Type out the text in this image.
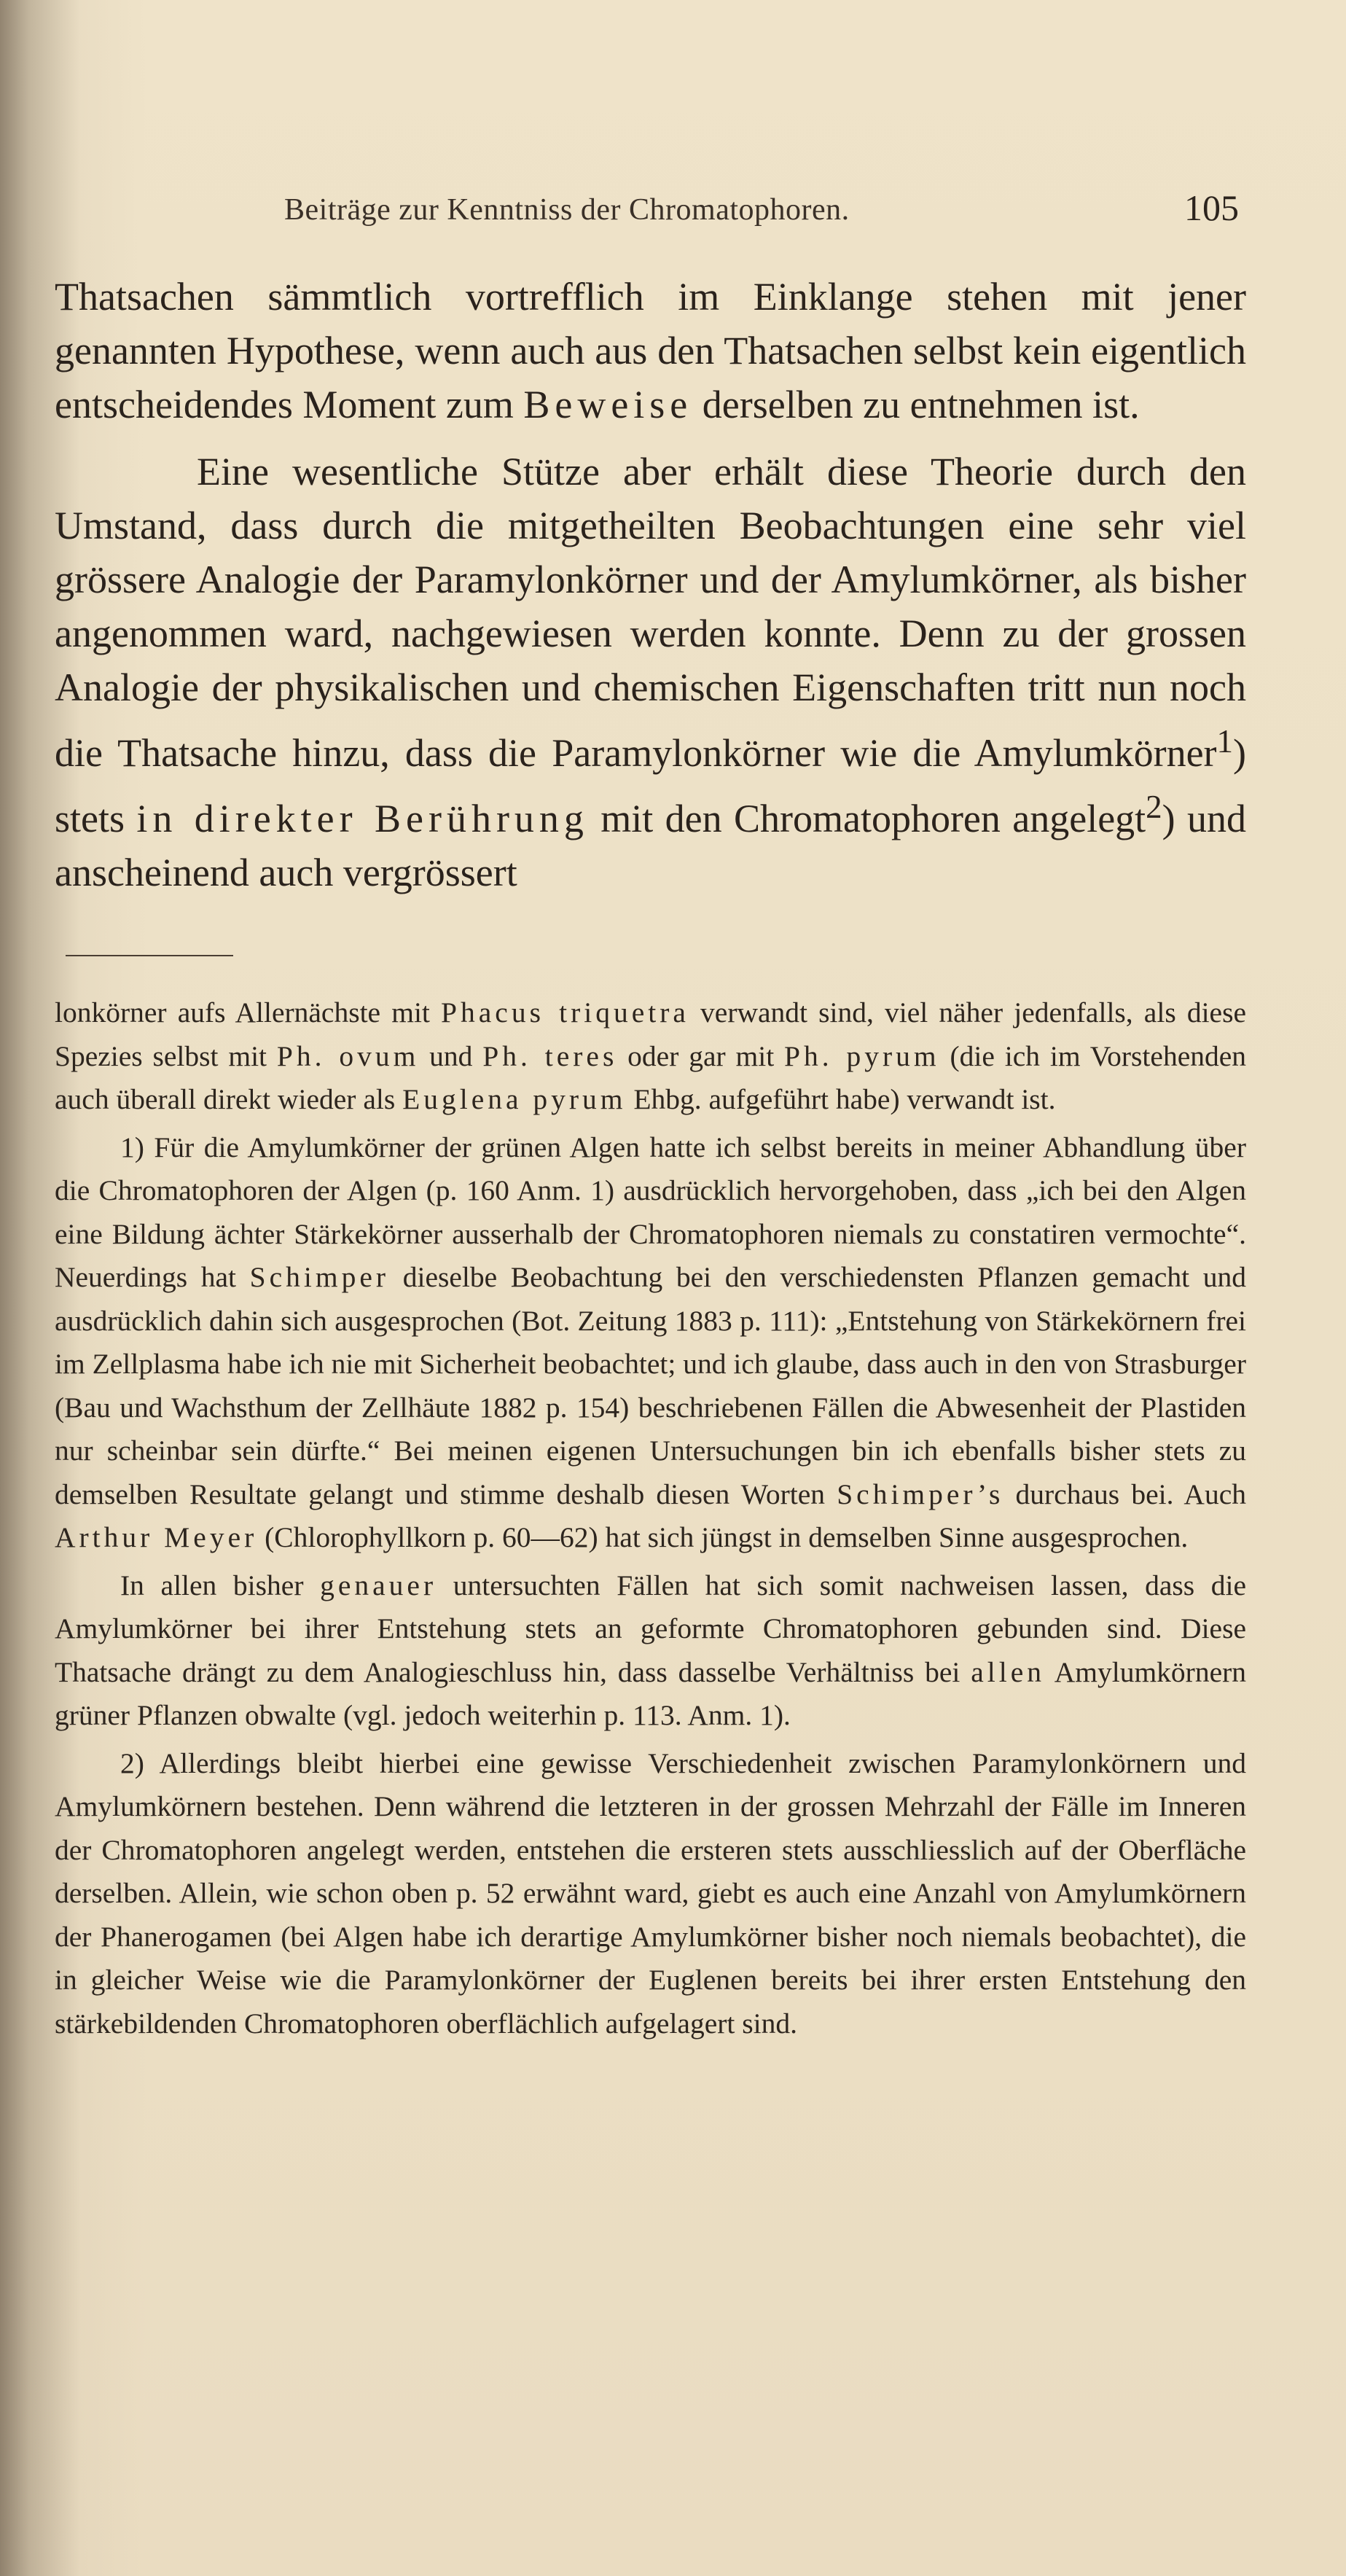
Beiträge zur Kenntniss der Chromatophoren.	105

Thatsachen sämmtlich vortrefflich im Einklange stehen mit jener genannten Hypothese, wenn auch aus den Thatsachen selbst kein eigentlich entscheidendes Moment zum Beweise derselben zu entnehmen ist.

Eine wesentliche Stütze aber erhält diese Theorie durch den Umstand, dass durch die mitgetheilten Beobachtungen eine sehr viel grössere Analogie der Paramylonkörner und der Amylumkörner, als bisher angenommen ward, nachgewiesen werden konnte. Denn zu der grossen Analogie der physikalischen und chemischen Eigenschaften tritt nun noch die Thatsache hinzu, dass die Paramylonkörner wie die Amylumkörner$^1$) stets in direkter Berührung mit den Chromatophoren angelegt$^2$) und anscheinend auch vergrössert

lonkörner aufs Allernächste mit Phacus triquetra verwandt sind, viel näher jedenfalls, als diese Spezies selbst mit Ph. ovum und Ph. teres oder gar mit Ph. pyrum (die ich im Vorstehenden auch überall direkt wieder als Euglena pyrum Ehbg. aufgeführt habe) verwandt ist.

1) Für die Amylumkörner der grünen Algen hatte ich selbst bereits in meiner Abhandlung über die Chromatophoren der Algen (p. 160 Anm. 1) ausdrücklich hervorgehoben, dass „ich bei den Algen eine Bildung ächter Stärkekörner ausserhalb der Chromatophoren niemals zu constatiren vermochte“. Neuerdings hat Schimper dieselbe Beobachtung bei den verschiedensten Pflanzen gemacht und ausdrücklich dahin sich ausgesprochen (Bot. Zeitung 1883 p. 111): „Entstehung von Stärkekörnern frei im Zellplasma habe ich nie mit Sicherheit beobachtet; und ich glaube, dass auch in den von Strasburger (Bau und Wachsthum der Zellhäute 1882 p. 154) beschriebenen Fällen die Abwesenheit der Plastiden nur scheinbar sein dürfte.“ Bei meinen eigenen Untersuchungen bin ich ebenfalls bisher stets zu demselben Resultate gelangt und stimme deshalb diesen Worten Schimper’s durchaus bei. Auch Arthur Meyer (Chlorophyllkorn p. 60—62) hat sich jüngst in demselben Sinne ausgesprochen.

In allen bisher genauer untersuchten Fällen hat sich somit nachweisen lassen, dass die Amylumkörner bei ihrer Entstehung stets an geformte Chromatophoren gebunden sind. Diese Thatsache drängt zu dem Analogieschluss hin, dass dasselbe Verhältniss bei allen Amylumkörnern grüner Pflanzen obwalte (vgl. jedoch weiterhin p. 113. Anm. 1).

2) Allerdings bleibt hierbei eine gewisse Verschiedenheit zwischen Paramylonkörnern und Amylumkörnern bestehen. Denn während die letzteren in der grossen Mehrzahl der Fälle im Inneren der Chromatophoren angelegt werden, entstehen die ersteren stets ausschliesslich auf der Oberfläche derselben. Allein, wie schon oben p. 52 erwähnt ward, giebt es auch eine Anzahl von Amylumkörnern der Phanerogamen (bei Algen habe ich derartige Amylumkörner bisher noch niemals beobachtet), die in gleicher Weise wie die Paramylonkörner der Euglenen bereits bei ihrer ersten Entstehung den stärkebildenden Chromatophoren oberflächlich aufgelagert sind.
